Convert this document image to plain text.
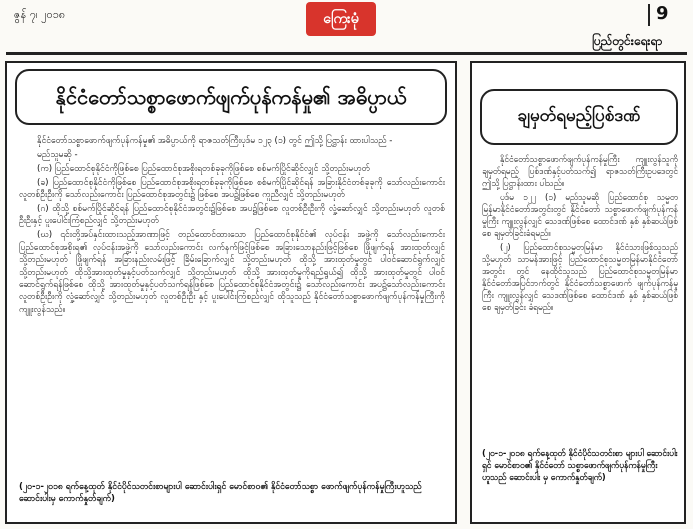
ဇွန် ၇၊ ၂၀၁၈	ကြေးမုံ	9
ပြည်တွင်းရေးရာ
နိုင်ငံတော်သစ္စာဖောက်ဖျက်ပုန်ကန်မှု၏ အဓိပ္ပာယ်

နိုင်ငံတော်သစ္စာဖောက်ဖျက်ပုန်ကန်မှု၏ အဓိပ္ပာယ်ကို ရာဇသတ်ကြီးပုဒ်မ ၁၂၃ (၁) တွင် ဤသို့ ပြဋ္ဌာန်း ထားပါသည် -

မည်သူမဆို -

(က) ပြည်ထောင်စုနိုင်ငံကိုဖြစ်စေ ပြည်ထောင်စုအစိုးရတစ်ခုခုကိုဖြစ်စေ စစ်မက်ပြိုင်ဆိုင်လျှင် သို့တည်းမဟုတ်

(ခ) ပြည်ထောင်စုနိုင်ငံကိုဖြစ်စေ ပြည်ထောင်စုအစိုးရတစ်ခုခုကိုဖြစ်စေ စစ်မက်ပြိုင်ဆိုင်ရန် အခြားနိုင်ငံတစ်ခုခုကို သော်လည်းကောင်း လူတစ်ဦးဦးကို သော်လည်းကောင်း ပြည်ထောင်စုအတွင်း၌ ဖြစ်စေ အပ၌ဖြစ်စေ ကူညီလျှင် သို့တည်းမဟုတ်

(ဂ) ထိုသို့ စစ်မက်ပြိုင်ဆိုင်ရန် ပြည်ထောင်စုနိုင်ငံအတွင်း၌ဖြစ်စေ အပ၌ဖြစ်စေ လူတစ်ဦးဦးကို လှုံ့ဆော်လျှင် သို့တည်းမဟုတ် လူတစ်ဦးဦးနှင့် ပူးပေါင်းကြံစည်လျှင် သို့တည်းမဟုတ်

(ဃ) ၎င်းတို့အပ်နှင်းထားသည့်အာဏာဖြင့် တည်ထောင်ထားသော ပြည်ထောင်စုနိုင်ငံ၏ လုပ်ငန်း အဖွဲ့ကို သော်လည်းကောင်း ပြည်ထောင်စုအစိုးရ၏ လုပ်ငန်းအဖွဲ့ကို သော်လည်းကောင်း လက်နက်ဖြင့်ဖြစ်စေ အခြားသောနည်းဖြင့်ဖြစ်စေ ဖြိုဖျက်ရန် အားထုတ်လျှင် သို့တည်းမဟုတ် ဖြိုဖျက်ရန် အခြားနည်းလမ်းဖြင့် ခြိမ်းခြောက်လျှင် သို့တည်းမဟုတ် ထိုသို့ အားထုတ်မှုတွင် ပါဝင်ဆောင်ရွက်လျှင် သို့တည်းမဟုတ် ထိုသို့အားထုတ်မှုနှင့်ပတ်သက်လျှင် သို့တည်းမဟုတ် ထိုသို့ အားထုတ်မှုကိုရည်ရွယ်၍ ထိုသို့ အားထုတ်မှုတွင် ပါဝင်ဆောင်ရွက်ရန်ဖြစ်စေ ထိုသို့ အားထုတ်မှုနှင့်ပတ်သက်ရန်ဖြစ်စေ ပြည်ထောင်စုနိုင်ငံအတွင်း၌ သော်လည်းကောင်း အပ၌သော်လည်းကောင်း လူတစ်ဦးဦးကို လှုံ့ဆော်လျှင် သို့တည်းမဟုတ် လူတစ်ဦးဦး နှင့် ပူးပေါင်းကြံစည်လျှင် ထိုသူသည် နိုင်ငံတော်သစ္စာဖောက်ဖျက်ပုန်ကန်မှုကြီးကို ကျူးလွန်သည်။

(၂၀-၁-၂၀၁၈ ရက်နေ့ထုတ် နိုင်ငံပိုင်သတင်းစာများပါ ဆောင်းပါးရှင် မောင်စာဝ၏ နိုင်ငံတော်သစ္စာ ဖောက်ဖျက်ပုန်ကန်မှုကြီးဟူသည် ဆောင်းပါးမှ ကောက်နှုတ်ချက်)
ချမှတ်ရမည့်ပြစ်ဒဏ်

နိုင်ငံတော်သစ္စာဖောက်ဖျက်ပုန်ကန်မှုကြီး ကျူးလွန်သူကို ချမှတ်ရမည့် ပြစ်ဒဏ်နှင့်ပတ်သက်၍ ရာဇသတ်ကြီးဥပဒေတွင် ဤသို့ ပြဋ္ဌာန်းထား ပါသည်။

ပုဒ်မ ၁၂၂ (၁) မည်သူမဆို ပြည်ထောင်စု သမ္မတမြန်မာနိုင်ငံတော်အတွင်းတွင် နိုင်ငံတော် သစ္စာဖောက်ဖျက်ပုန်ကန်မှုကြီး ကျူးလွန်လျှင် သေဒဏ်ဖြစ်စေ ထောင်ဒဏ် နှစ် နှစ်ဆယ်ဖြစ်စေ ချမှတ်ခြင်းခံရမည်။

(၂) ပြည်ထောင်စုသမ္မတမြန်မာ နိုင်ငံသားဖြစ်သူသည် သို့မဟုတ် သာမန်အားဖြင့် ပြည်ထောင်စုသမ္မတမြန်မာနိုင်ငံတော်အတွင်း တွင် နေထိုင်သူသည် ပြည်ထောင်စုသမ္မတမြန်မာ နိုင်ငံတော်အပြင်ဘက်တွင် နိုင်ငံတော်သစ္စာဖောက် ဖျက်ပုန်ကန်မှုကြီး ကျူးလွန်လျှင် သေဒဏ်ဖြစ်စေ ထောင်ဒဏ် နှစ် နှစ်ဆယ်ဖြစ်စေ ချမှတ်ခြင်း ခံရမည်။

(၂၀-၁-၂၀၁၈ ရက်နေ့ထုတ် နိုင်ငံပိုင်သတင်းစာ များပါ ဆောင်းပါးရှင် မောင်စာဝ၏ နိုင်ငံတော် သစ္စာဖောက်ဖျက်ပုန်ကန်မှုကြီးဟူသည် ဆောင်းပါး မှ ကောက်နှုတ်ချက်)
